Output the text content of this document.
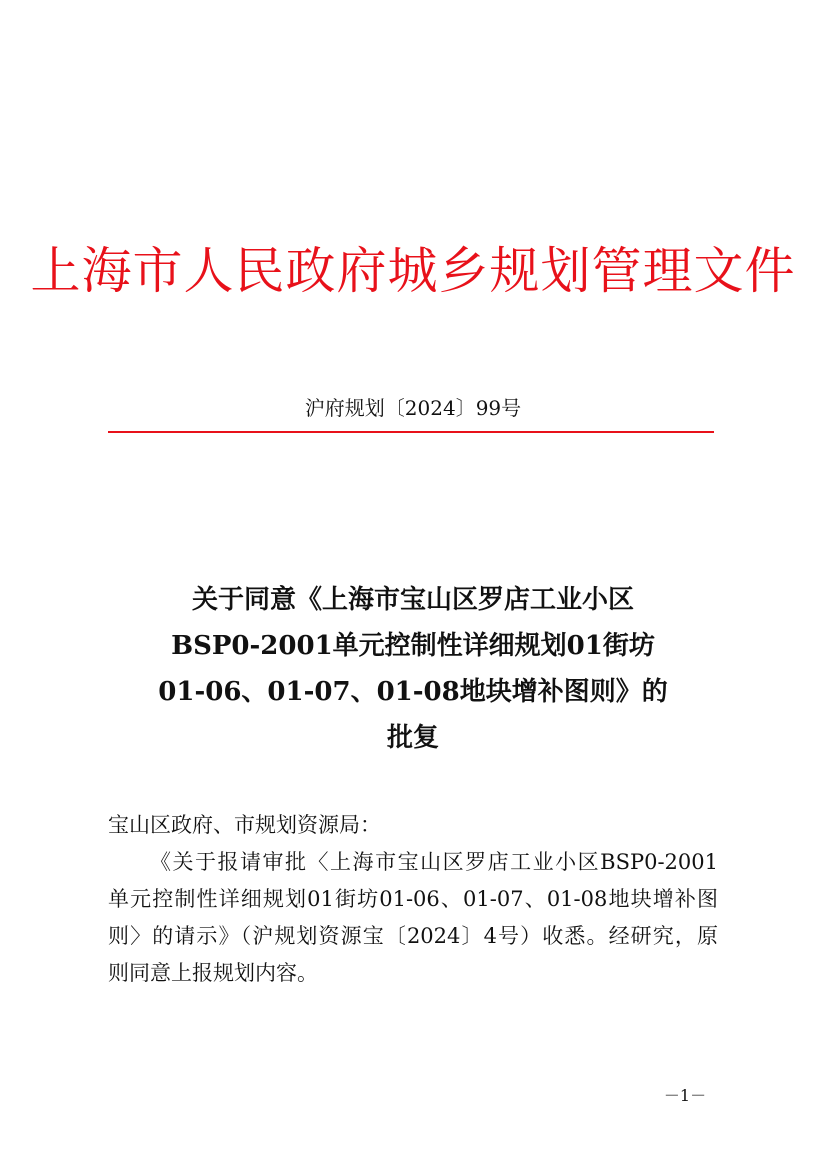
上海市人民政府城乡规划管理文件
沪府规划〔2024〕99号
关于同意《上海市宝山区罗店工业小区
BSP0-2001单元控制性详细规划01街坊
01-06、01-07、01-08地块增补图则》的
批复
宝山区政府、市规划资源局：
《关于报请审批〈上海市宝山区罗店工业小区BSP0-2001
单元控制性详细规划01街坊01-06、01-07、01-08地块增补图
则〉的请示》（沪规划资源宝〔2024〕4号）收悉。经研究，原
则同意上报规划内容。
－1－
